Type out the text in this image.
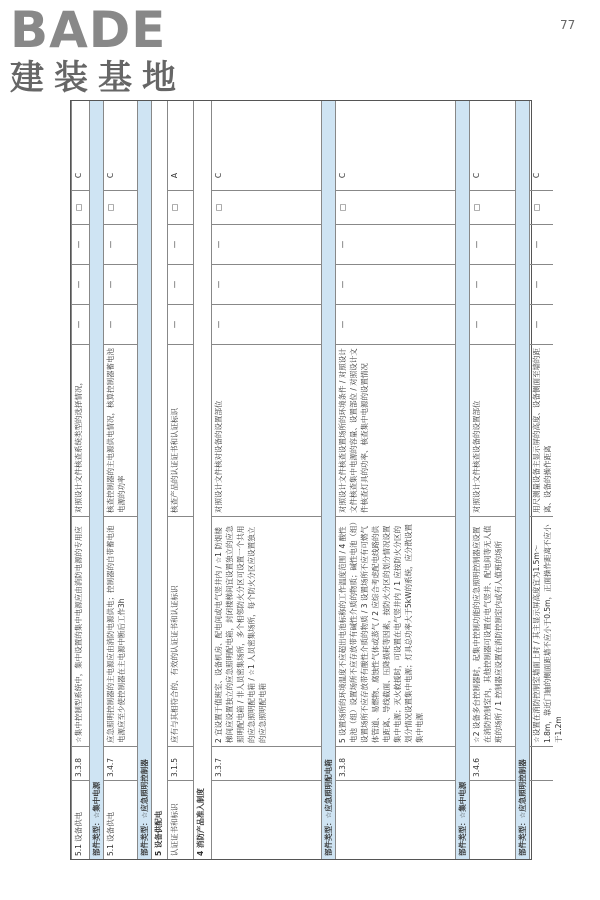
BADE
建装基地
77
5.1 设备供电
3.3.8
☆集中控制型系统中，集中设置的集中电源应由消防电源的专用应
对照设计文件核查系统类型的选择情况，
—
—
—
□
C
部件类型：☆集中电源 5.1 设备供电
3.4.7
应急照明控制器的主电源应由消防电源供电；控制器的自带蓄电池电源应至少使控制器在主电源中断后工作3h
核查控制器的主电源供电情况，核算控制器蓄电池电源的功率
—
—
—
□
C
部件类型：☆应急照明控制器 5 设备供配电 认证证书和标识
3.1.5
应有与其相符合的、有效的认证证书和认证标识
核查产品的认证证书和认证标识
—
—
—
□
A
4 消防产品准入制度
3.3.7
2 宜设置于值班室、设备机房、配电间或电气竖井内 / ☆1 防烟楼梯间应设置独立的应急照明配电箱，封闭楼梯间宜设置独立的应急照明配电箱 / 非人员密集场所，多个相邻防火分区可设置一个共用的应急照明配电箱 / ☆1 人员密集场所，每个防火分区应设置独立的应急照明配电箱
对照设计文件核对设备的设置部位
—
—
—
□
C
部件类型：☆应急照明配电箱 3.3.8
5 设置场所的环境温度不应超出电池标称的工作温度范围 / 4 酸性电池（组）设置场所不应存放带有碱性介质的物质；碱性电池（组）设置场所不应存放带有酸性介质的物质 / 3 设置场所不应有可燃气体管道、易燃物、腐蚀性气体或蒸气 / 2 应综合考虑配电线路的供电距离、导线截面、压降损耗等因素，按防火分区的划分情况设置集中电源；灭火救援时，可设置在电气竖井内 / 1 应按防火分区的划分情况设置集中电源；灯具总功率大于5kW的系统，应分散设置集中电源
对照设计文件核查设置场所的环境条件 / 对照设计文件核查集中电源的容量、设置部位 / 对照设计文件核查灯具的功率、核查集中电源的设置情况
—
—
—
□
C
部件类型：☆集中电源
3.4.6
☆2 设备多台控制器时，起集中控制功能的应急照明控制器应设置在消防控制室内，其他控制器可设置在电气竖井、配电间等无人值班的场所 / 1 控制器应设置在消防控制室内或有人值班的场所
对照设计文件核查设备的设置部位
—
—
—
□
C
部件类型：☆应急照明控制器
☆设置在消防控制室墙面上时 / 其主显示屏高度宜为1.5m～1.8m，靠近门轴的侧面距墙不应小于0.5m，正面操作距离不应小于1.2m
用尺测量设备主显示屏的高度、设备侧面至墙的距离、设备的操作距离
—
—
—
□
C
